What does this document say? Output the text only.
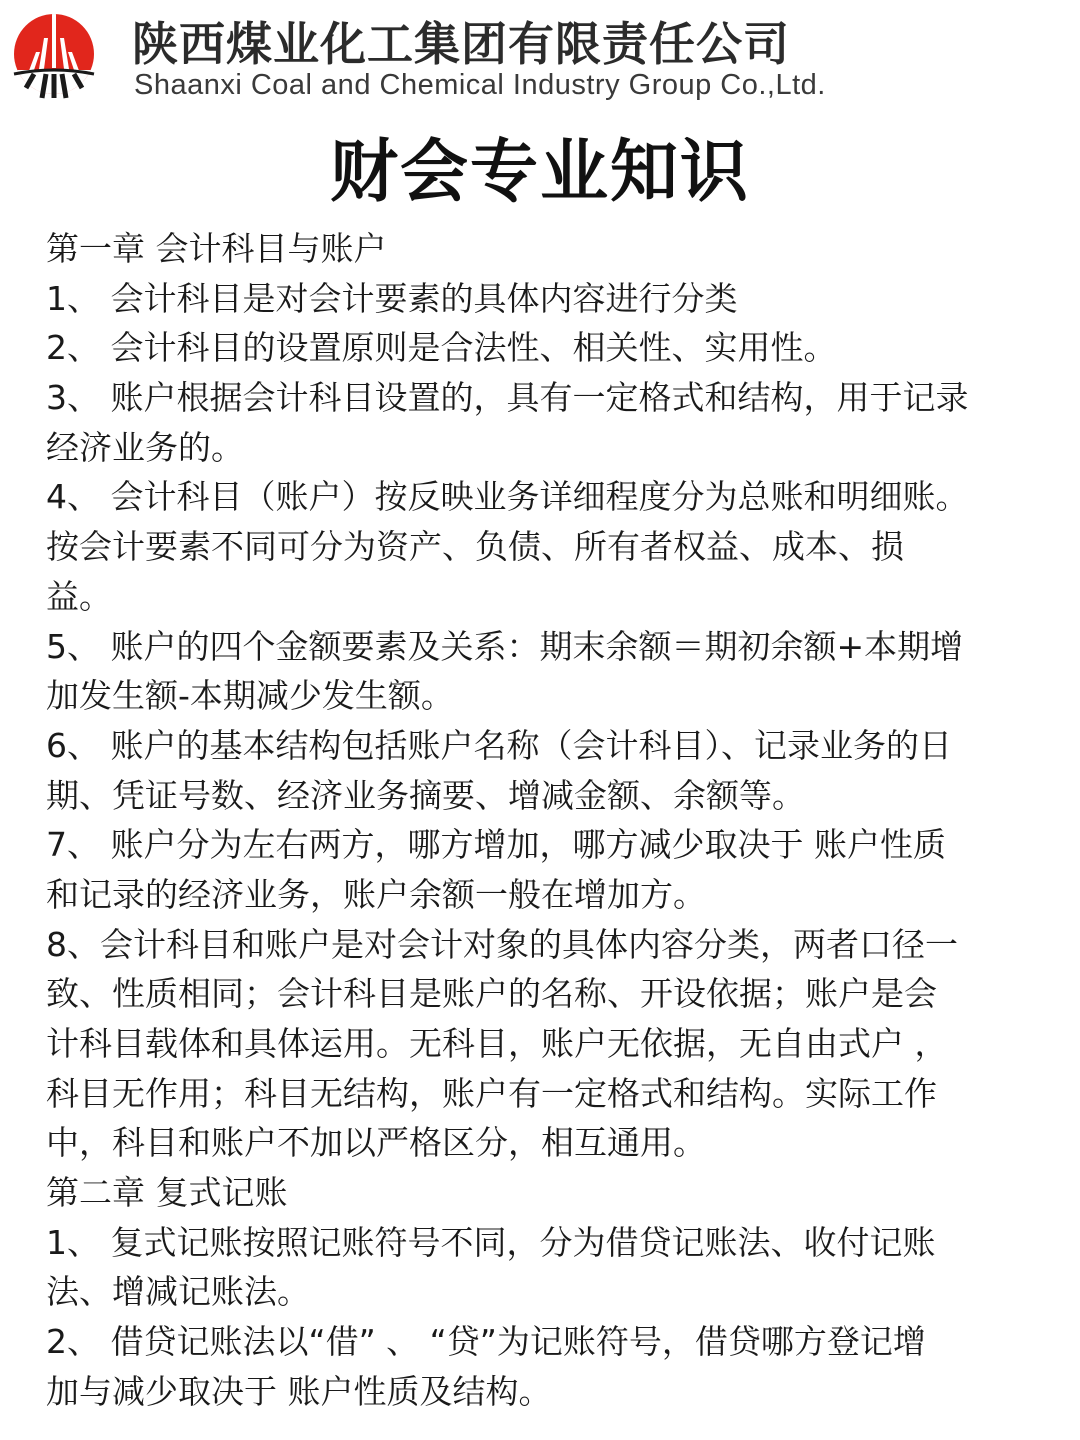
陕西煤业化工集团有限责任公司
Shaanxi Coal and Chemical Industry Group Co.,Ltd.
财会专业知识
第一章 会计科目与账户
1、 会计科目是对会计要素的具体内容进行分类
2、 会计科目的设置原则是合法性、相关性、实用性。
3、 账户根据会计科目设置的，具有一定格式和结构，用于记录
经济业务的。
4、 会计科目（账户）按反映业务详细程度分为总账和明细账。
按会计要素不同可分为资产、负债、所有者权益、成本、损
益。
5、 账户的四个金额要素及关系：期末余额＝期初余额+本期增
加发生额-本期减少发生额。
6、 账户的基本结构包括账户名称（会计科目）、记录业务的日
期、凭证号数、经济业务摘要、增减金额、余额等。
7、 账户分为左右两方，哪方增加，哪方减少取决于 账户性质
和记录的经济业务，账户余额一般在增加方。
8、会计科目和账户是对会计对象的具体内容分类，两者口径一
致、性质相同；会计科目是账户的名称、开设依据；账户是会
计科目载体和具体运用。无科目，账户无依据，无自由式户 ，
科目无作用；科目无结构，账户有一定格式和结构。实际工作
中，科目和账户不加以严格区分，相互通用。
第二章 复式记账
1、 复式记账按照记账符号不同，分为借贷记账法、收付记账
法、增减记账法。
2、 借贷记账法以“借” 、 “贷”为记账符号，借贷哪方登记增
加与减少取决于 账户性质及结构。
